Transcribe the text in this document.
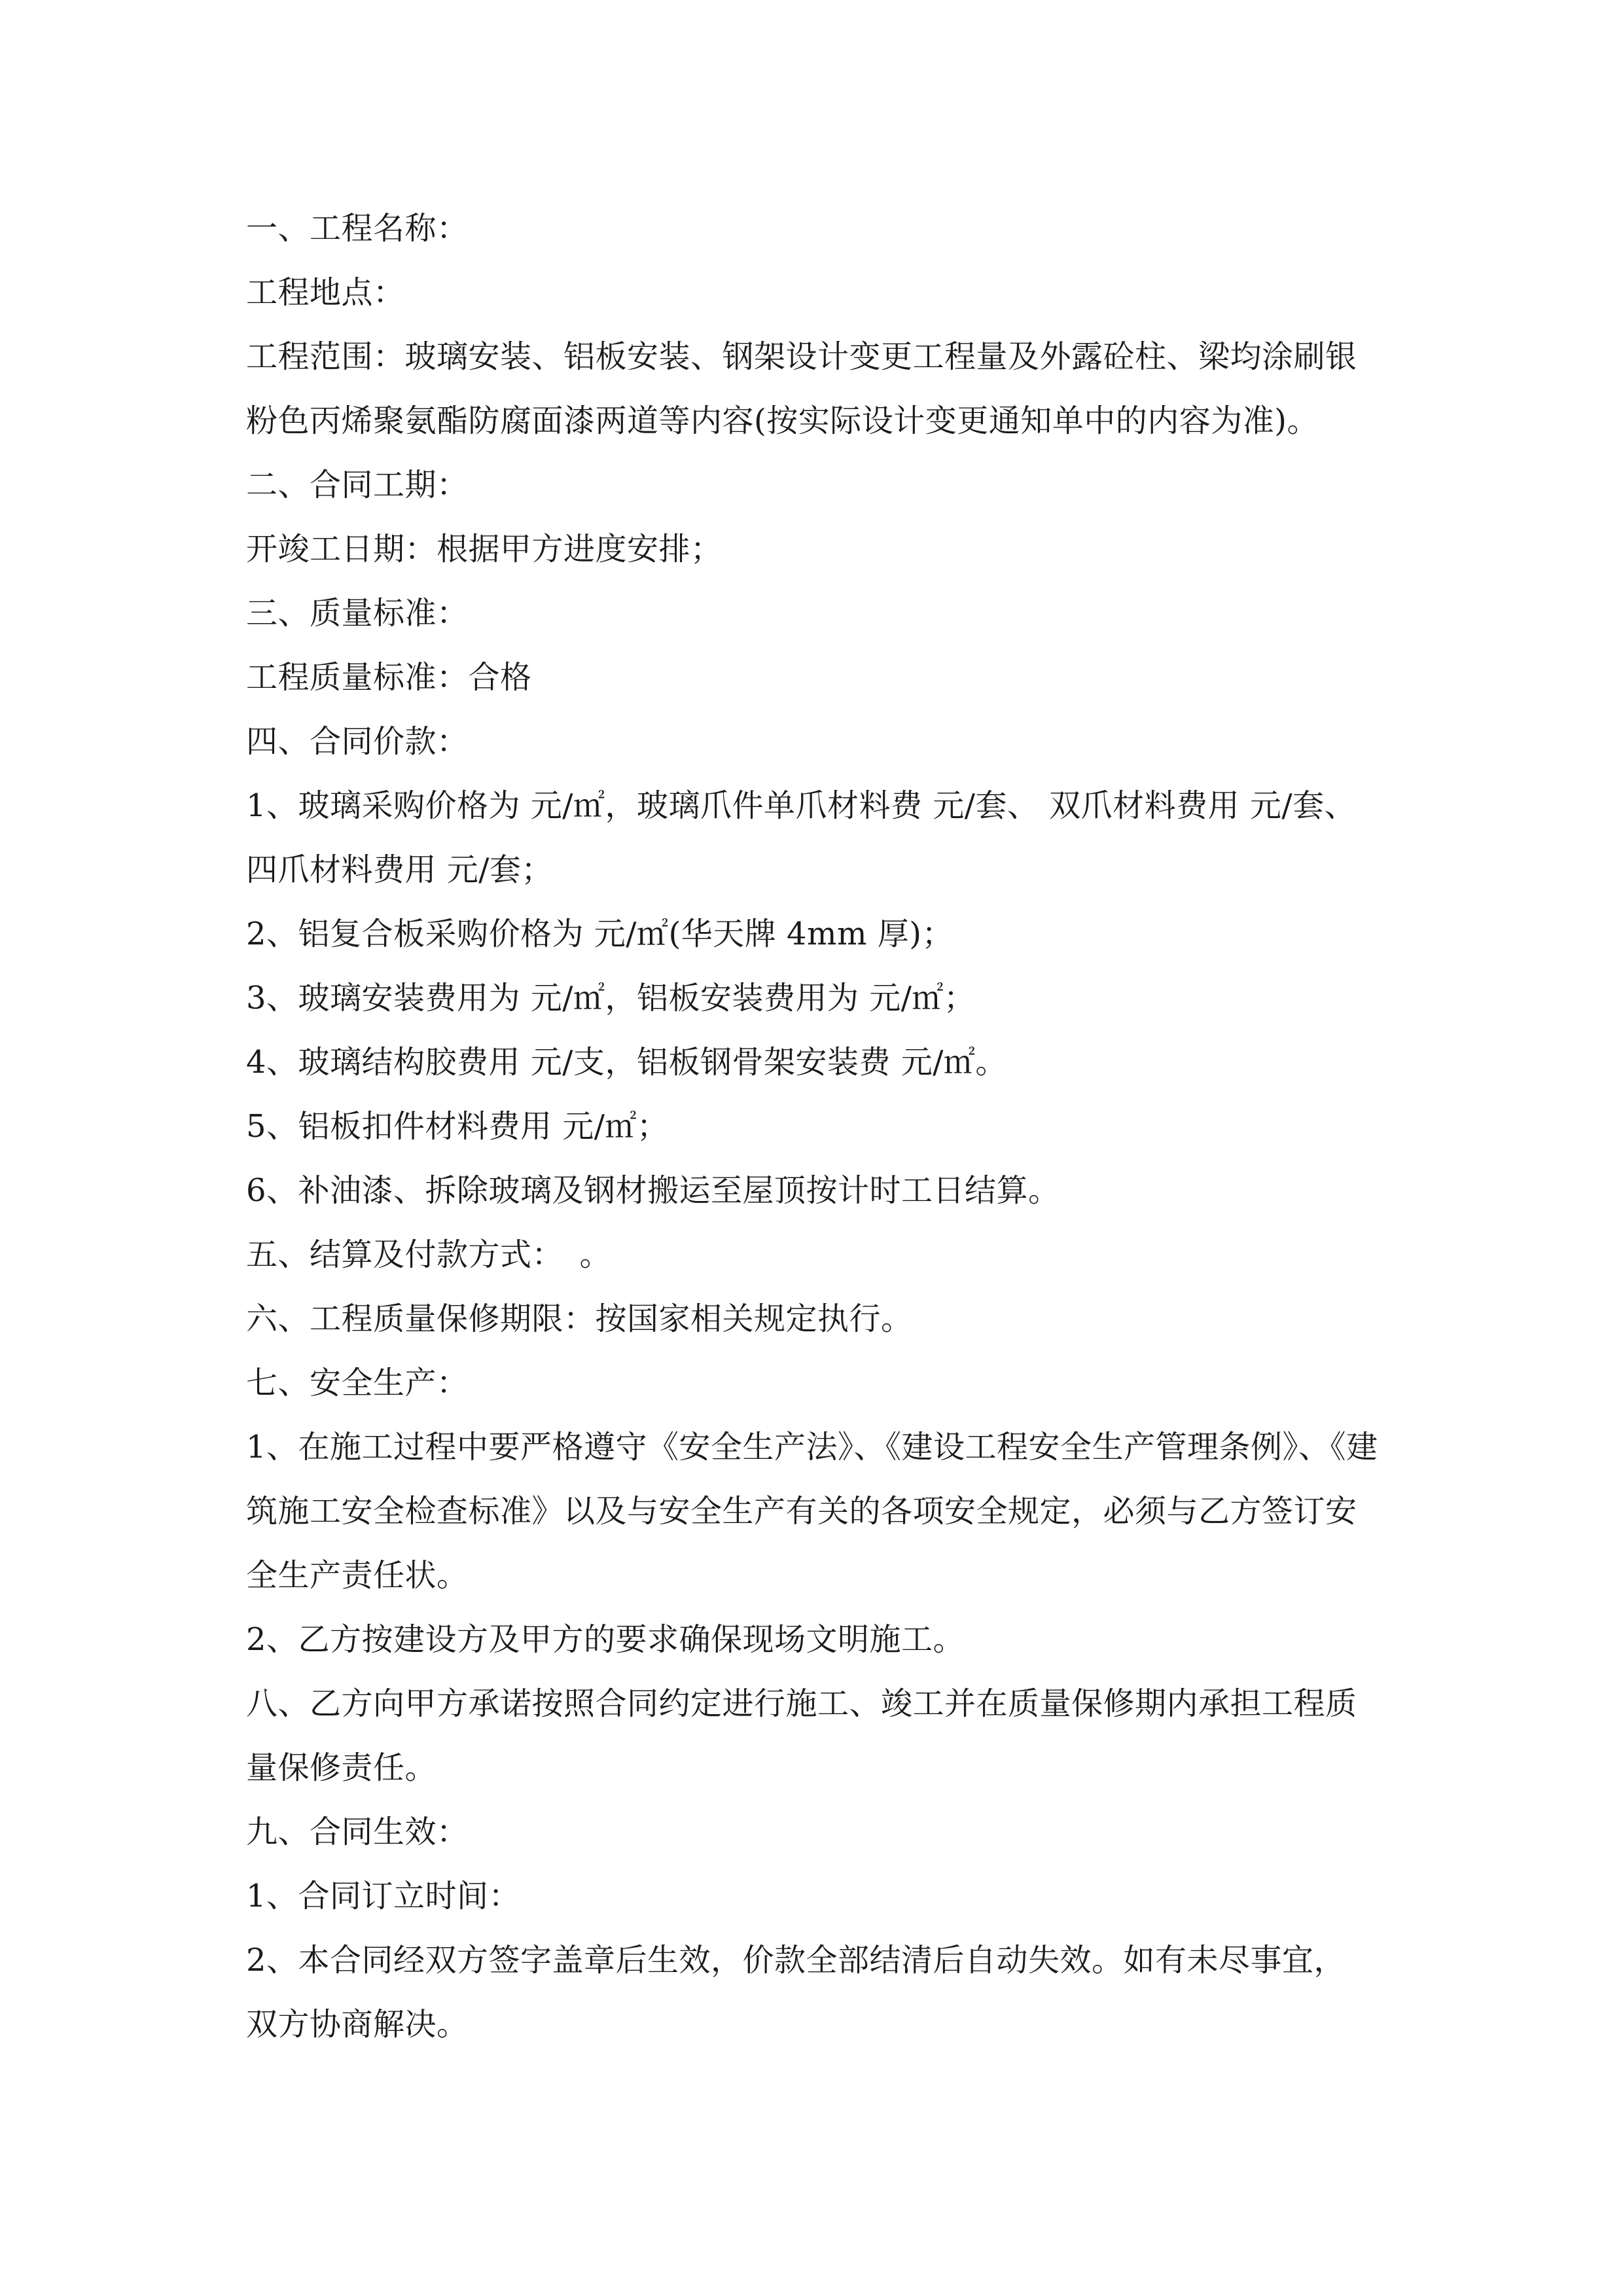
一、工程名称：
工程地点：
工程范围：玻璃安装、铝板安装、钢架设计变更工程量及外露砼柱、梁均涂刷银
粉色丙烯聚氨酯防腐面漆两道等内容(按实际设计变更通知单中的内容为准)。
二、合同工期：
开竣工日期：根据甲方进度安排；
三、质量标准：
工程质量标准：合格
四、合同价款：
1、玻璃采购价格为 元/㎡，玻璃爪件单爪材料费 元/套、 双爪材料费用 元/套、
四爪材料费用 元/套；
2、铝复合板采购价格为 元/㎡(华天牌 4mm 厚)；
3、玻璃安装费用为 元/㎡，铝板安装费用为 元/㎡；
4、玻璃结构胶费用 元/支，铝板钢骨架安装费 元/㎡。
5、铝板扣件材料费用 元/㎡；
6、补油漆、拆除玻璃及钢材搬运至屋顶按计时工日结算。
五、结算及付款方式：　。
六、工程质量保修期限：按国家相关规定执行。
七、安全生产：
1、在施工过程中要严格遵守《安全生产法》、《建设工程安全生产管理条例》、《建
筑施工安全检查标准》以及与安全生产有关的各项安全规定，必须与乙方签订安
全生产责任状。
2、乙方按建设方及甲方的要求确保现场文明施工。
八、乙方向甲方承诺按照合同约定进行施工、竣工并在质量保修期内承担工程质
量保修责任。
九、合同生效：
1、合同订立时间：
2、本合同经双方签字盖章后生效，价款全部结清后自动失效。如有未尽事宜，
双方协商解决。
